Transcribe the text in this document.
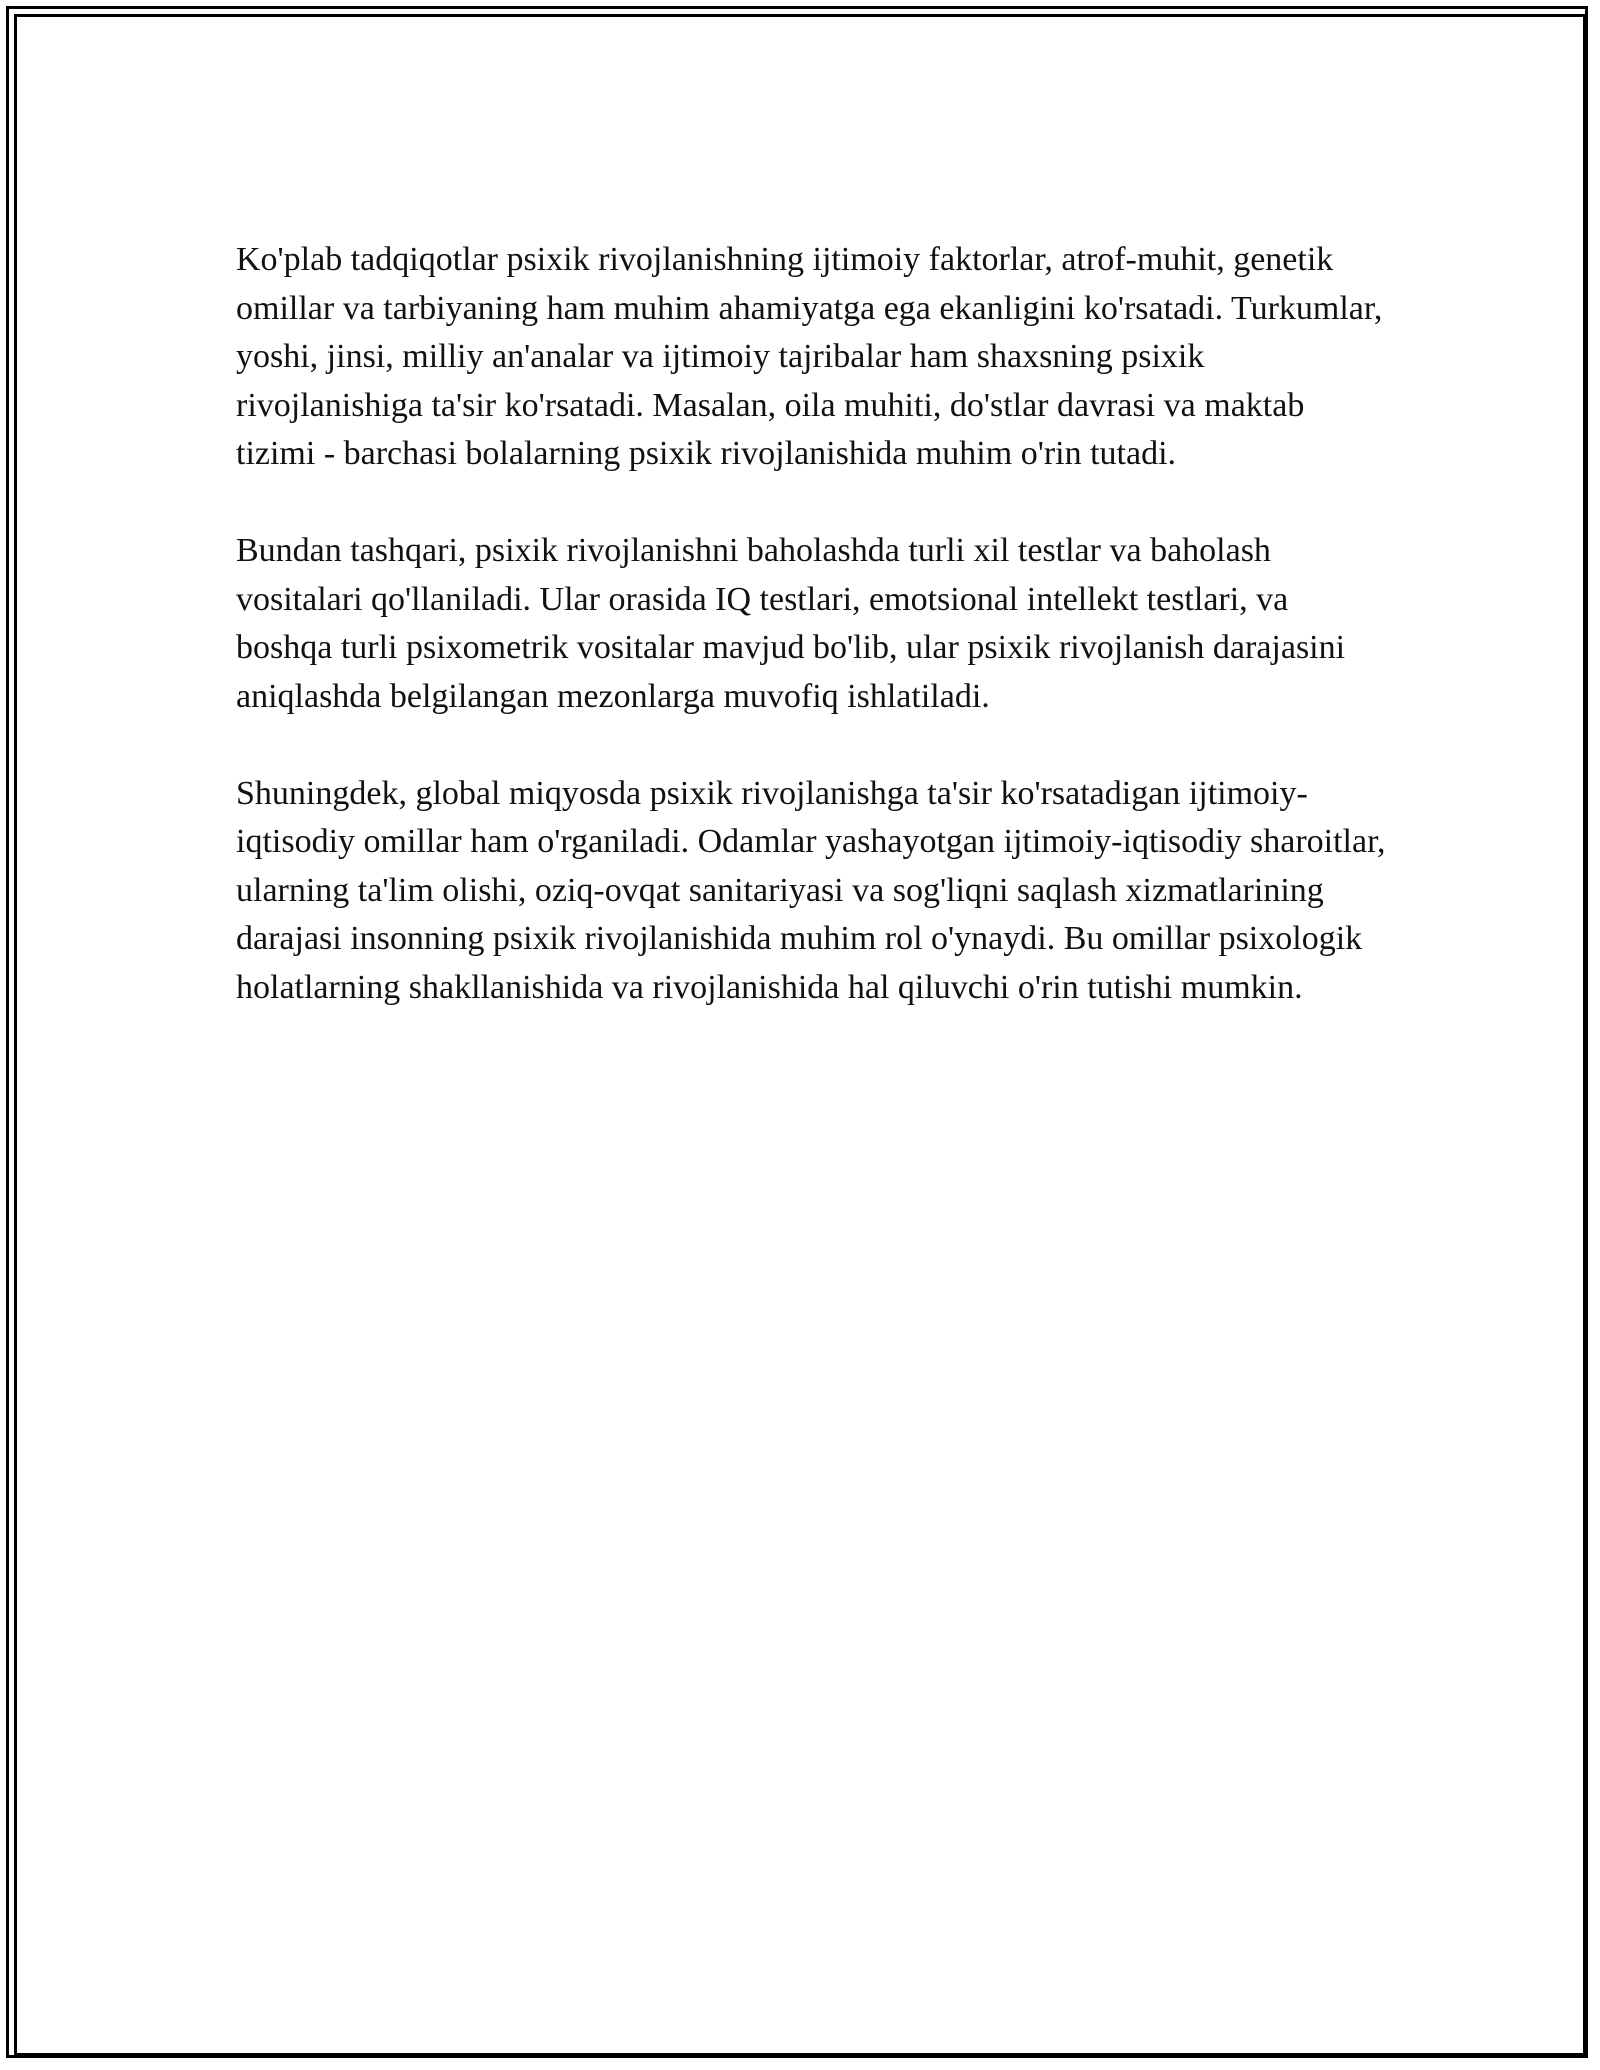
Ko'plab tadqiqotlar psixik rivojlanishning ijtimoiy faktorlar, atrof-muhit, genetik omillar va tarbiyaning ham muhim ahamiyatga ega ekanligini ko'rsatadi. Turkumlar, yoshi, jinsi, milliy an'analar va ijtimoiy tajribalar ham shaxsning psixik rivojlanishiga ta'sir ko'rsatadi. Masalan, oila muhiti, do'stlar davrasi va maktab tizimi - barchasi bolalarning psixik rivojlanishida muhim o'rin tutadi.

Bundan tashqari, psixik rivojlanishni baholashda turli xil testlar va baholash vositalari qo'llaniladi. Ular orasida IQ testlari, emotsional intellekt testlari, va boshqa turli psixometrik vositalar mavjud bo'lib, ular psixik rivojlanish darajasini aniqlashda belgilangan mezonlarga muvofiq ishlatiladi.

Shuningdek, global miqyosda psixik rivojlanishga ta'sir ko'rsatadigan ijtimoiy-iqtisodiy omillar ham o'rganiladi. Odamlar yashayotgan ijtimoiy-iqtisodiy sharoitlar, ularning ta'lim olishi, oziq-ovqat sanitariyasi va sog'liqni saqlash xizmatlarining darajasi insonning psixik rivojlanishida muhim rol o'ynaydi. Bu omillar psixologik holatlarning shakllanishida va rivojlanishida hal qiluvchi o'rin tutishi mumkin.
